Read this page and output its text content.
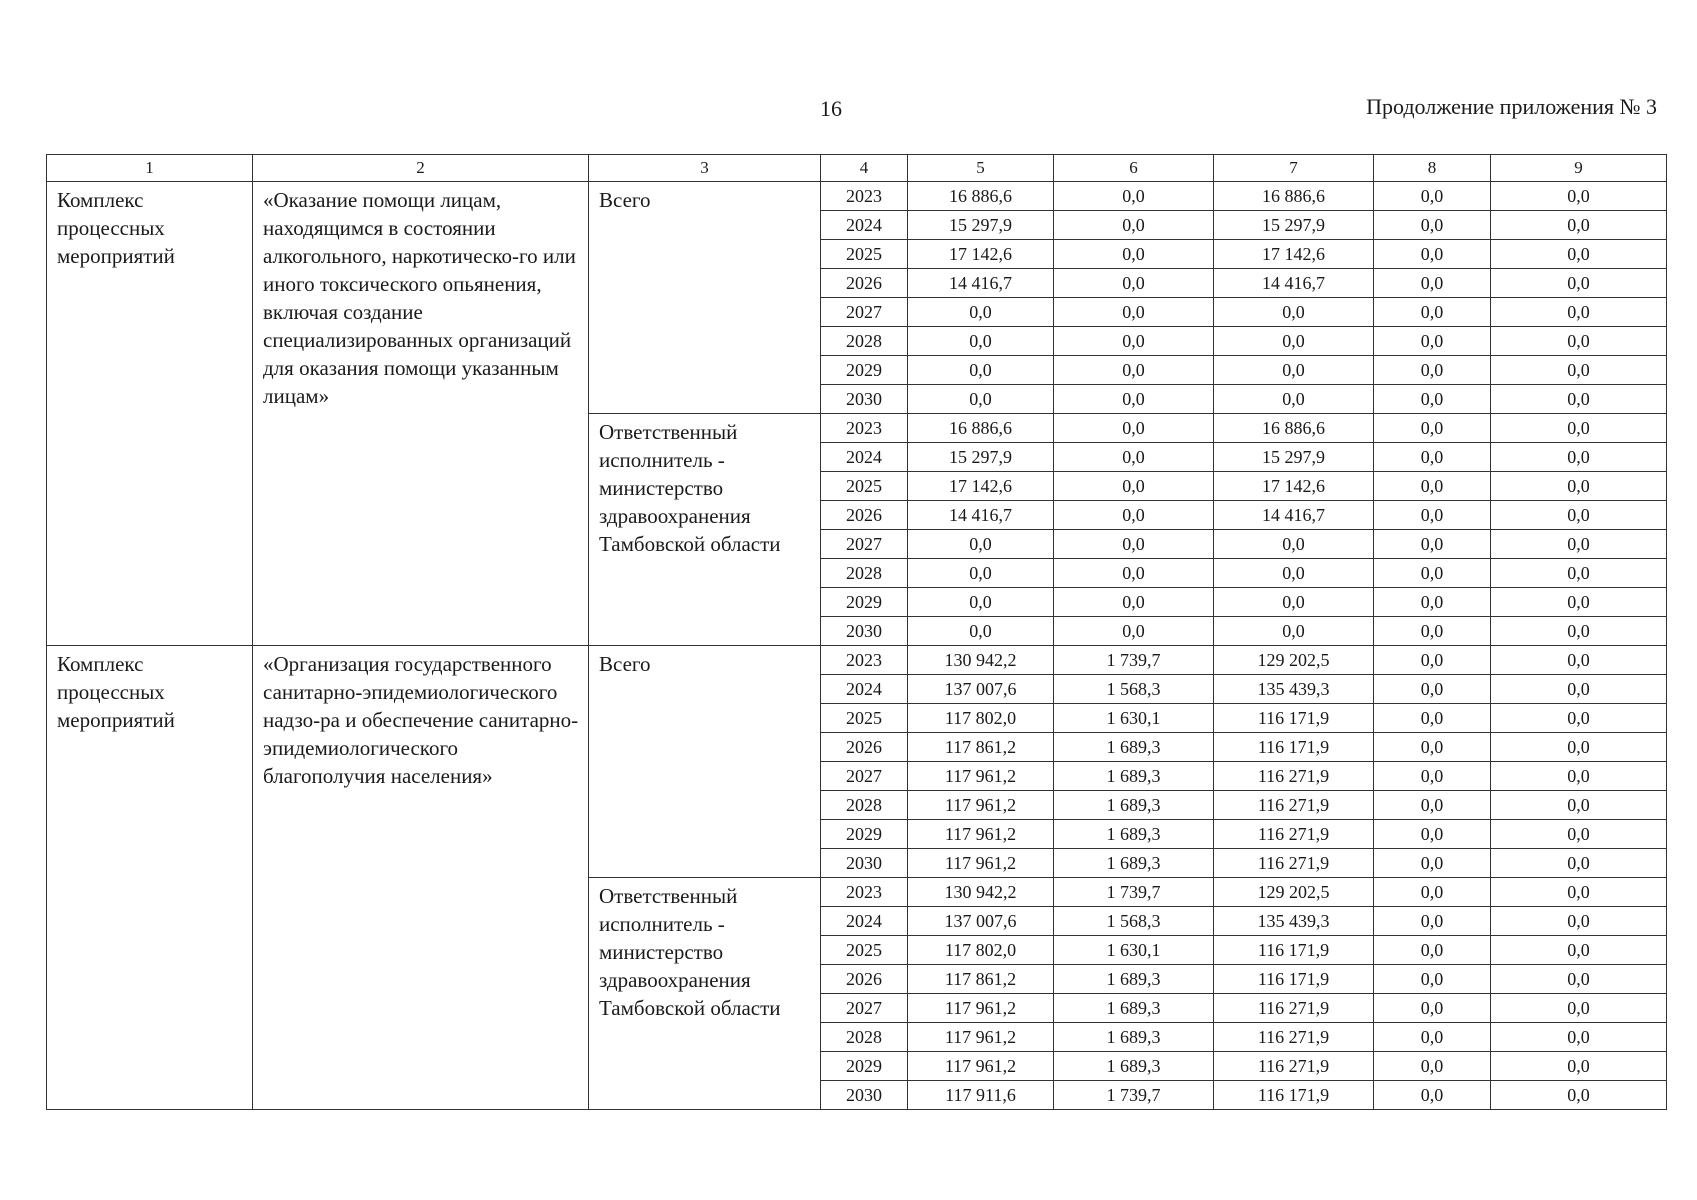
16	Продолжение приложения № 3
1	2	3	4	5	6	7	8	9
Комплекс процессных мероприятий	«Оказание помощи лицам, находящимся в состоянии алкогольного, наркотическо-го или иного токсического опьянения, включая создание специализированных организаций для оказания помощи указанным лицам»	Всего	2023	16 886,6	0,0	16 886,6	0,0	0,0
			2024	15 297,9	0,0	15 297,9	0,0	0,0
			2025	17 142,6	0,0	17 142,6	0,0	0,0
			2026	14 416,7	0,0	14 416,7	0,0	0,0
			2027	0,0	0,0	0,0	0,0	0,0
			2028	0,0	0,0	0,0	0,0	0,0
			2029	0,0	0,0	0,0	0,0	0,0
			2030	0,0	0,0	0,0	0,0	0,0
		Ответственный исполнитель - министерство здравоохранения Тамбовской области	2023	16 886,6	0,0	16 886,6	0,0	0,0
			2024	15 297,9	0,0	15 297,9	0,0	0,0
			2025	17 142,6	0,0	17 142,6	0,0	0,0
			2026	14 416,7	0,0	14 416,7	0,0	0,0
			2027	0,0	0,0	0,0	0,0	0,0
			2028	0,0	0,0	0,0	0,0	0,0
			2029	0,0	0,0	0,0	0,0	0,0
			2030	0,0	0,0	0,0	0,0	0,0
Комплекс процессных мероприятий	«Организация государственного санитарно-эпидемиологического надзо-ра и обеспечение санитарно-эпидемиологического благополучия населения»	Всего	2023	130 942,2	1 739,7	129 202,5	0,0	0,0
			2024	137 007,6	1 568,3	135 439,3	0,0	0,0
			2025	117 802,0	1 630,1	116 171,9	0,0	0,0
			2026	117 861,2	1 689,3	116 171,9	0,0	0,0
			2027	117 961,2	1 689,3	116 271,9	0,0	0,0
			2028	117 961,2	1 689,3	116 271,9	0,0	0,0
			2029	117 961,2	1 689,3	116 271,9	0,0	0,0
			2030	117 961,2	1 689,3	116 271,9	0,0	0,0
		Ответственный исполнитель - министерство здравоохранения Тамбовской области	2023	130 942,2	1 739,7	129 202,5	0,0	0,0
			2024	137 007,6	1 568,3	135 439,3	0,0	0,0
			2025	117 802,0	1 630,1	116 171,9	0,0	0,0
			2026	117 861,2	1 689,3	116 171,9	0,0	0,0
			2027	117 961,2	1 689,3	116 271,9	0,0	0,0
			2028	117 961,2	1 689,3	116 271,9	0,0	0,0
			2029	117 961,2	1 689,3	116 271,9	0,0	0,0
			2030	117 911,6	1 739,7	116 171,9	0,0	0,0
